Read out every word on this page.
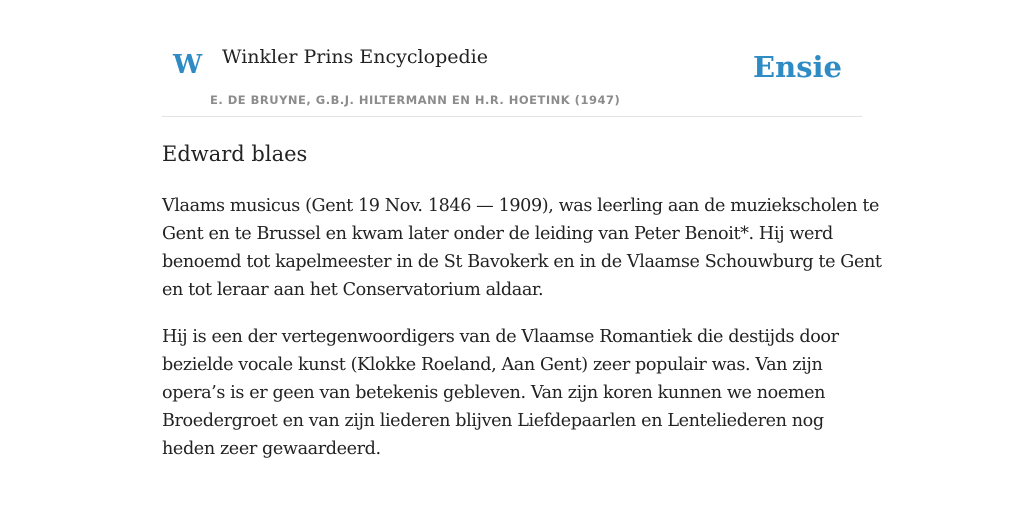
W Winkler Prins Encyclopedie
E. DE BRUYNE, G.B.J. HILTERMANN EN H.R. HOETINK (1947)
Ensie
Edward blaes

Vlaams musicus (Gent 19 Nov. 1846 — 1909), was leerling aan de muziekscholen te
Gent en te Brussel en kwam later onder de leiding van Peter Benoit*. Hij werd
benoemd tot kapelmeester in de St Bavokerk en in de Vlaamse Schouwburg te Gent
en tot leraar aan het Conservatorium aldaar.

Hij is een der vertegenwoordigers van de Vlaamse Romantiek die destijds door
bezielde vocale kunst (Klokke Roeland, Aan Gent) zeer populair was. Van zijn
opera’s is er geen van betekenis gebleven. Van zijn koren kunnen we noemen
Broedergroet en van zijn liederen blijven Liefdepaarlen en Lenteliederen nog
heden zeer gewaardeerd.
